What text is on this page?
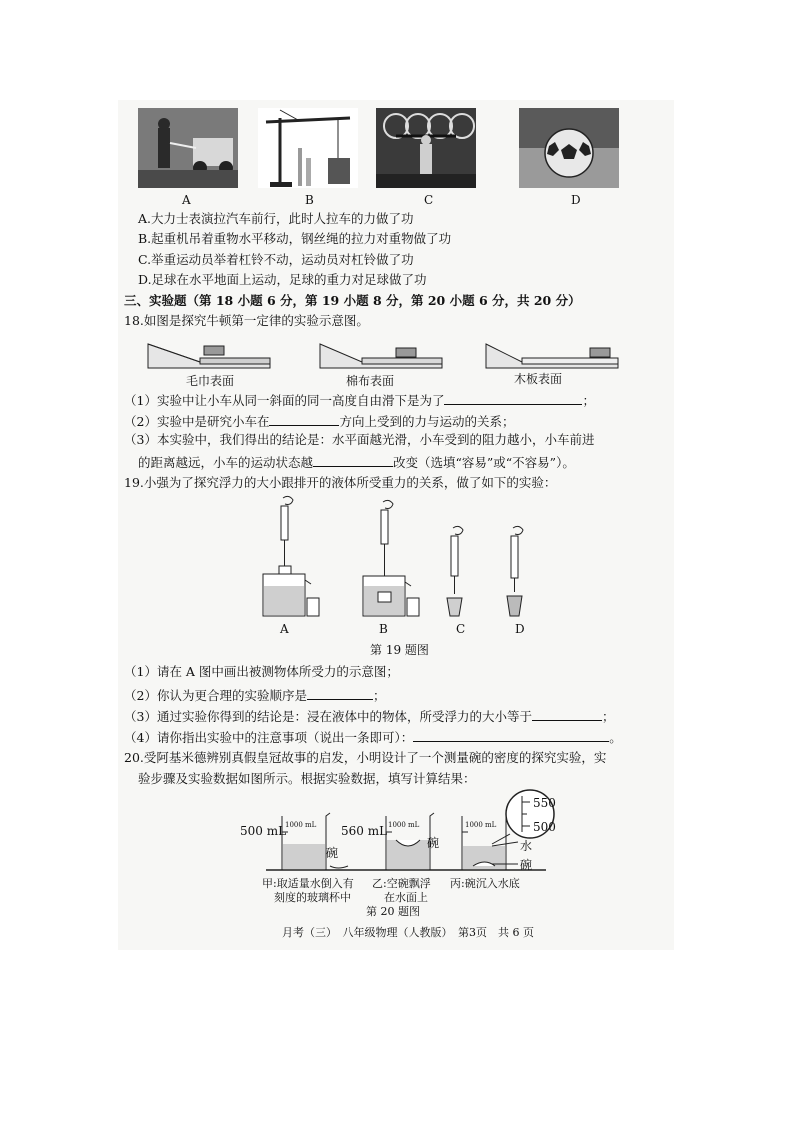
A	B	C	D
A.大力士表演拉汽车前行，此时人拉车的力做了功
B.起重机吊着重物水平移动，钢丝绳的拉力对重物做了功
C.举重运动员举着杠铃不动，运动员对杠铃做了功
D.足球在水平地面上运动，足球的重力对足球做了功
三、实验题（第 18 小题 6 分，第 19 小题 8 分，第 20 小题 6 分，共 20 分）
18.如图是探究牛顿第一定律的实验示意图。
毛巾表面	棉布表面	木板表面
（1）实验中让小车从同一斜面的同一高度自由滑下是为了	；
（2）实验中是研究小车在	方向上受到的力与运动的关系；
（3）本实验中，我们得出的结论是：水平面越光滑，小车受到的阻力越小，小车前进
的距离越远，小车的运动状态越	改变（选填“容易”或“不容易”）。
19.小强为了探究浮力的大小跟排开的液体所受重力的关系，做了如下的实验：
A	B	C	D
第 19 题图
（1）请在 A 图中画出被测物体所受力的示意图；
（2）你认为更合理的实验顺序是	；
（3）通过实验你得到的结论是：浸在液体中的物体，所受浮力的大小等于	；
（4）请你指出实验中的注意事项（说出一条即可）：	。
20.受阿基米德辨别真假皇冠故事的启发，小明设计了一个测量碗的密度的探究实验，实
验步骤及实验数据如图所示。根据实验数据，填写计算结果：
1000 mL	1000 mL	1000 mL
500 mL	560 mL
碗
碗	水
碗
550
500
甲:取适量水倒入有
刻度的玻璃杯中
乙:空碗飘浮
在水面上
丙:碗沉入水底
第 20 题图
月考（三）　八年级物理（人教版）　第3页　共 6 页
